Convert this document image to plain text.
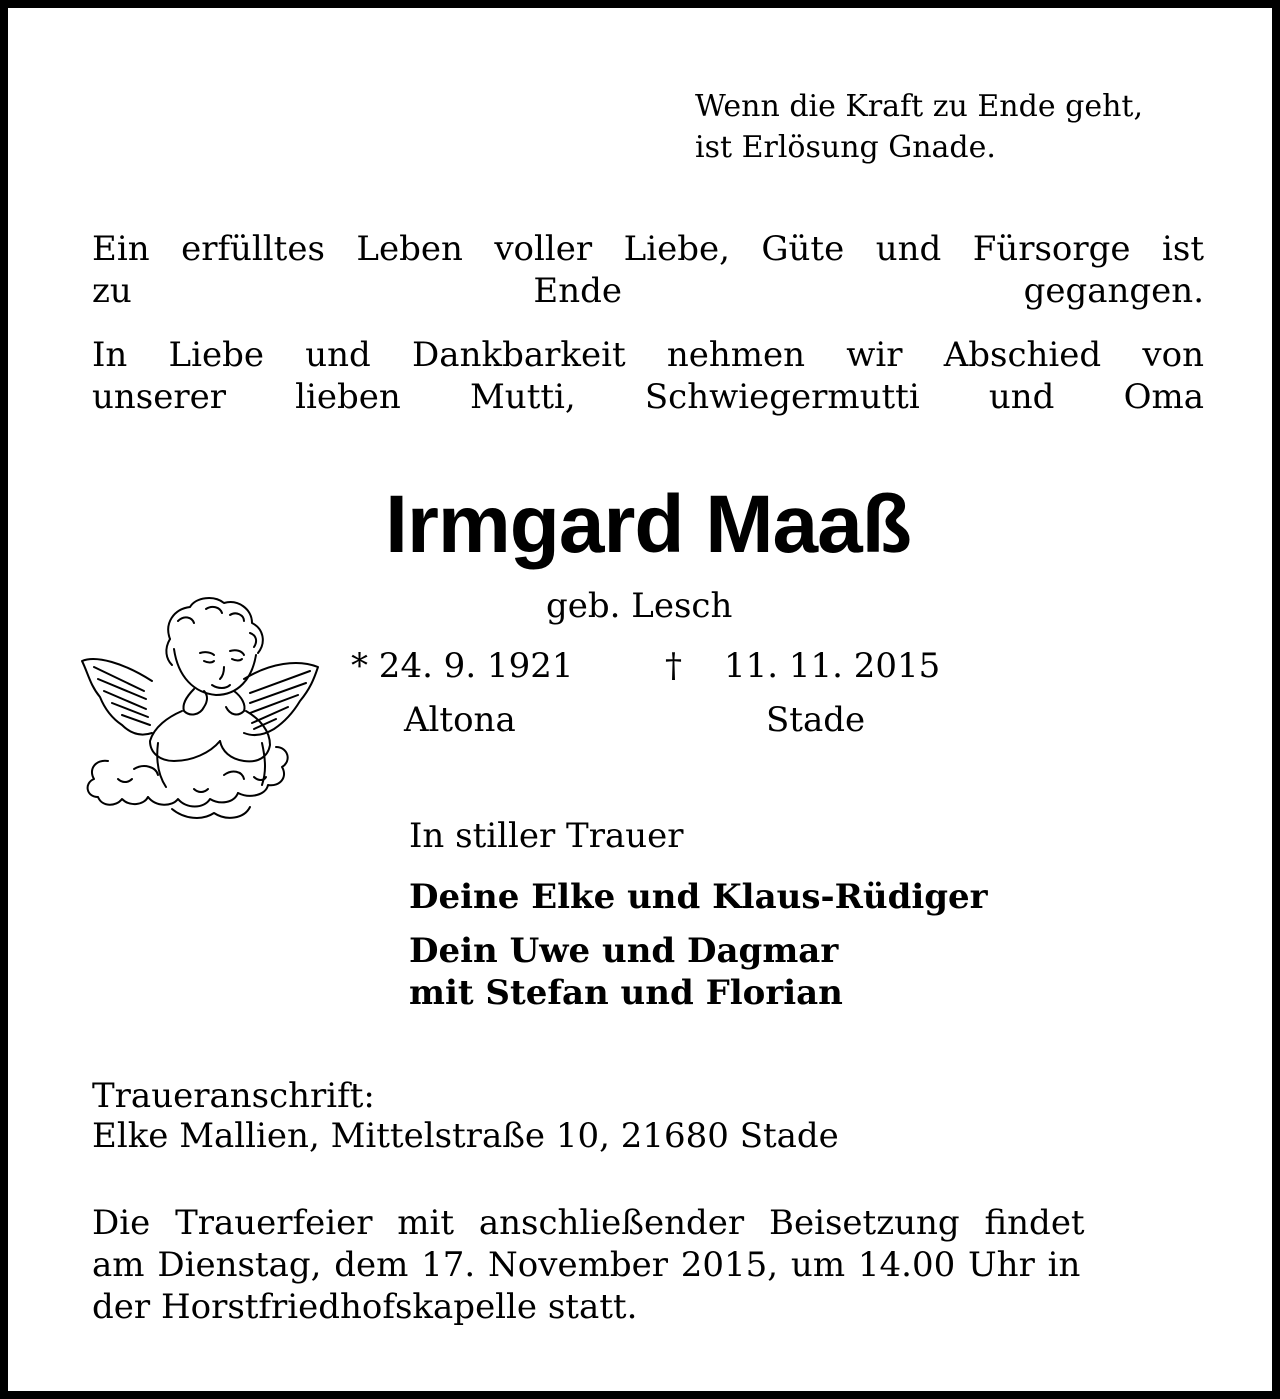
Wenn die Kraft zu Ende geht,
ist Erlösung Gnade.
Ein erfülltes Leben voller Liebe, Güte und Fürsorge ist
zu Ende gegangen.
In Liebe und Dankbarkeit nehmen wir Abschied von
unserer lieben Mutti, Schwiegermutti und Oma
Irmgard Maaß
geb. Lesch
* 24. 9. 1921	† 11. 11. 2015
Altona	Stade
In stiller Trauer
Deine Elke und Klaus-Rüdiger
Dein Uwe und Dagmar
mit Stefan und Florian
Traueranschrift:
Elke Mallien, Mittelstraße 10, 21680 Stade
Die Trauerfeier mit anschließender Beisetzung findet
am Dienstag, dem 17. November 2015, um 14.00 Uhr in
der Horstfriedhofskapelle statt.
